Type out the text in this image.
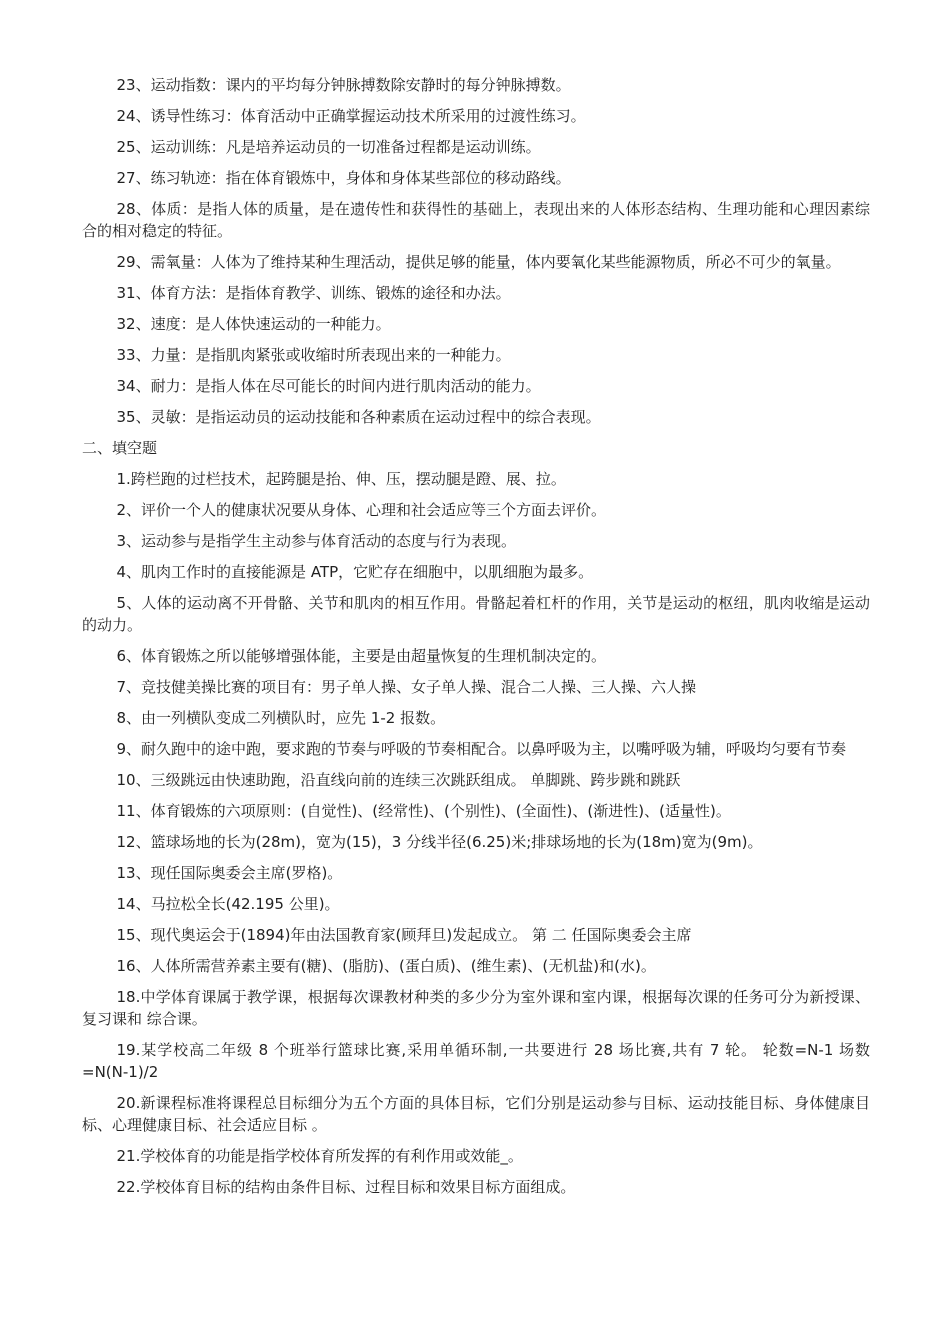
23、运动指数：课内的平均每分钟脉搏数除安静时的每分钟脉搏数。

24、诱导性练习：体育活动中正确掌握运动技术所采用的过渡性练习。

25、运动训练：凡是培养运动员的一切准备过程都是运动训练。

27、练习轨迹：指在体育锻炼中，身体和身体某些部位的移动路线。

28、体质：是指人体的质量，是在遗传性和获得性的基础上，表现出来的人体形态结构、生理功能和心理因素综合的相对稳定的特征。

29、需氧量：人体为了维持某种生理活动，提供足够的能量，体内要氧化某些能源物质，所必不可少的氧量。

31、体育方法：是指体育教学、训练、锻炼的途径和办法。

32、速度：是人体快速运动的一种能力。

33、力量：是指肌肉紧张或收缩时所表现出来的一种能力。

34、耐力：是指人体在尽可能长的时间内进行肌肉活动的能力。

35、灵敏：是指运动员的运动技能和各种素质在运动过程中的综合表现。

二、填空题

1.跨栏跑的过栏技术，起跨腿是抬、伸、压，摆动腿是蹬、展、拉。

2、评价一个人的健康状况要从身体、心理和社会适应等三个方面去评价。

3、运动参与是指学生主动参与体育活动的态度与行为表现。

4、肌肉工作时的直接能源是 ATP，它贮存在细胞中，以肌细胞为最多。

5、人体的运动离不开骨骼、关节和肌肉的相互作用。骨骼起着杠杆的作用，关节是运动的枢纽，肌肉收缩是运动的动力。

6、体育锻炼之所以能够增强体能，主要是由超量恢复的生理机制决定的。

7、竞技健美操比赛的项目有：男子单人操、女子单人操、混合二人操、三人操、六人操

8、由一列横队变成二列横队时，应先 1-2 报数。

9、耐久跑中的途中跑，要求跑的节奏与呼吸的节奏相配合。以鼻呼吸为主，以嘴呼吸为辅，呼吸均匀要有节奏

10、三级跳远由快速助跑，沿直线向前的连续三次跳跃组成。 单脚跳、跨步跳和跳跃

11、体育锻炼的六项原则：(自觉性)、(经常性)、(个别性)、(全面性)、(渐进性)、(适量性)。

12、篮球场地的长为(28m)，宽为(15)，3 分线半径(6.25)米;排球场地的长为(18m)宽为(9m)。

13、现任国际奥委会主席(罗格)。

14、马拉松全长(42.195 公里)。

15、现代奥运会于(1894)年由法国教育家(顾拜旦)发起成立。 第 二 任国际奥委会主席

16、人体所需营养素主要有(糖)、(脂肪)、(蛋白质)、(维生素)、(无机盐)和(水)。

18.中学体育课属于教学课，根据每次课教材种类的多少分为室外课和室内课，根据每次课的任务可分为新授课、复习课和 综合课。

19.某学校高二年级 8 个班举行篮球比赛,采用单循环制,一共要进行 28 场比赛,共有 7 轮。 轮数=N-1 场数=N(N-1)/2

20.新课程标准将课程总目标细分为五个方面的具体目标，它们分别是运动参与目标、运动技能目标、身体健康目标、心理健康目标、社会适应目标 。

21.学校体育的功能是指学校体育所发挥的有利作用或效能_。

22.学校体育目标的结构由条件目标、过程目标和效果目标方面组成。
